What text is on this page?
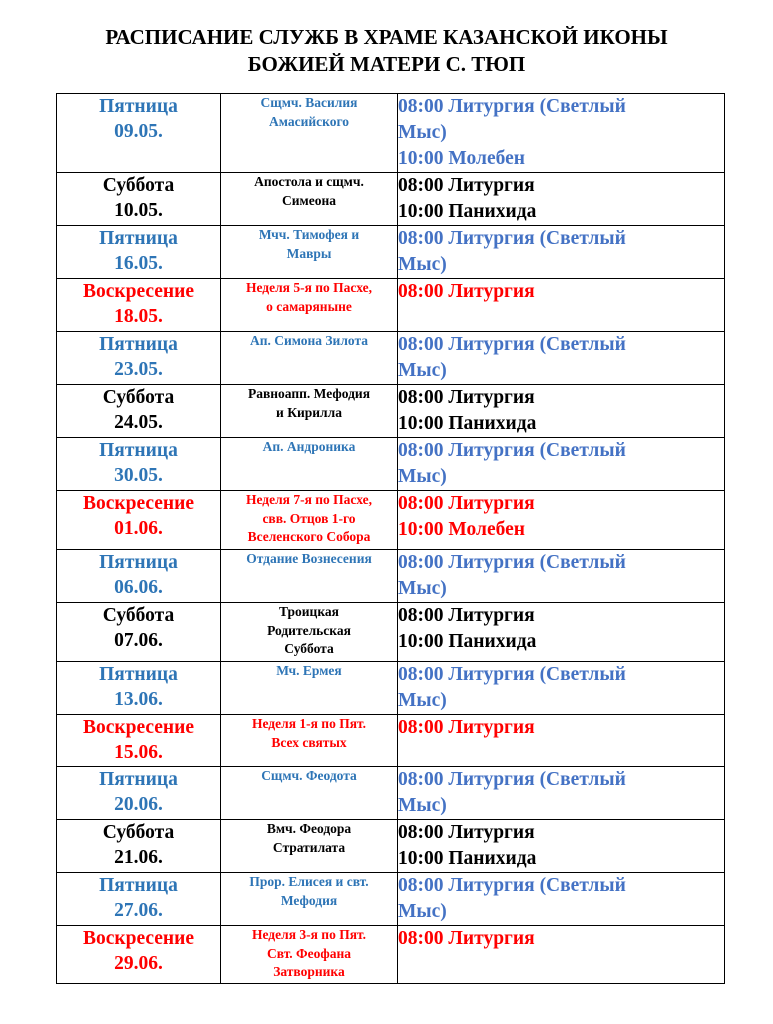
РАСПИСАНИЕ СЛУЖБ В ХРАМЕ КАЗАНСКОЙ ИКОНЫ
БОЖИЕЙ МАТЕРИ С. ТЮП
Пятница
09.05.	Сщмч. Василия
Амасийского	08:00 Литургия (Светлый
Мыс)
10:00 Молебен

Суббота
10.05.	Апостола и сщмч.
Симеона	08:00 Литургия
10:00 Панихида

Пятница
16.05.	Мчч. Тимофея и
Мавры	08:00 Литургия (Светлый
Мыс)

Воскресение
18.05.	Неделя 5-я по Пасхе,
о самаряныне	08:00 Литургия

Пятница
23.05.	Ап. Симона Зилота	08:00 Литургия (Светлый
Мыс)

Суббота
24.05.	Равноапп. Мефодия
и Кирилла	08:00 Литургия
10:00 Панихида

Пятница
30.05.	Ап. Андроника	08:00 Литургия (Светлый
Мыс)

Воскресение
01.06.	Неделя 7-я по Пасхе,
свв. Отцов 1-го
Вселенского Собора	08:00 Литургия
10:00 Молебен

Пятница
06.06.	Отдание Вознесения	08:00 Литургия (Светлый
Мыс)

Суббота
07.06.	Троицкая
Родительская
Суббота	08:00 Литургия
10:00 Панихида

Пятница
13.06.	Мч. Ермея	08:00 Литургия (Светлый
Мыс)

Воскресение
15.06.	Неделя 1-я по Пят.
Всех святых	08:00 Литургия

Пятница
20.06.	Сщмч. Феодота	08:00 Литургия (Светлый
Мыс)

Суббота
21.06.	Вмч. Феодора
Стратилата	08:00 Литургия
10:00 Панихида

Пятница
27.06.	Прор. Елисея и свт.
Мефодия	08:00 Литургия (Светлый
Мыс)

Воскресение
29.06.	Неделя 3-я по Пят.
Свт. Феофана
Затворника	08:00 Литургия
